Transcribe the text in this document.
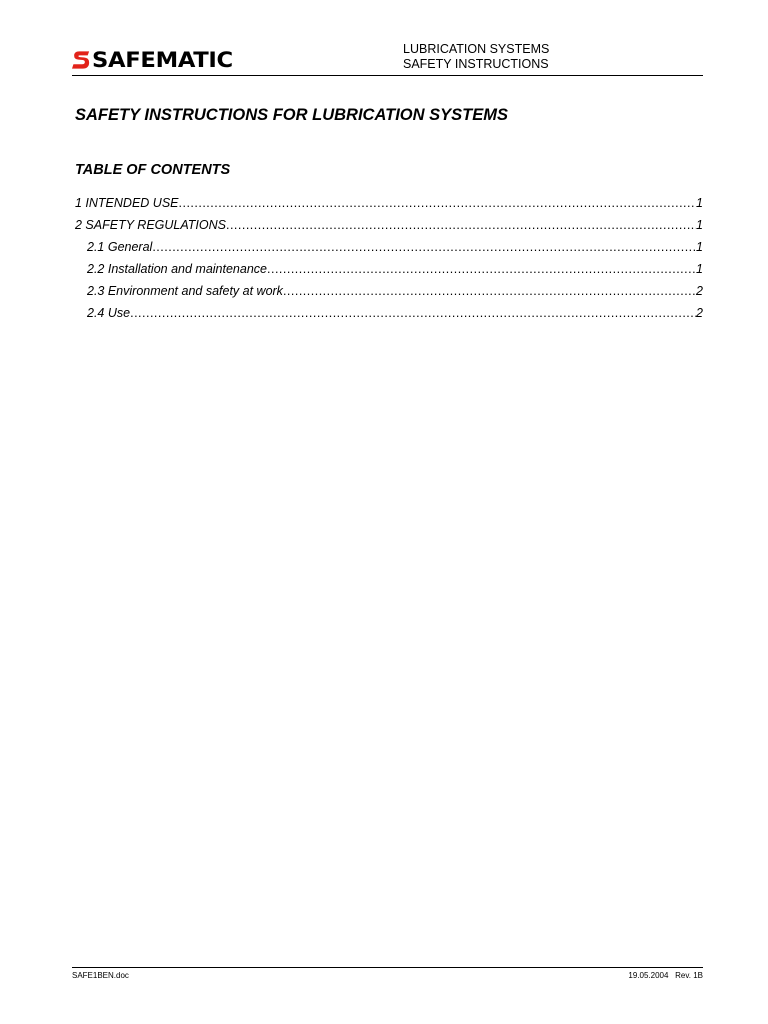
SAFEMATIC	LUBRICATION SYSTEMS
SAFETY INSTRUCTIONS
SAFETY INSTRUCTIONS FOR LUBRICATION SYSTEMS
TABLE OF CONTENTS
1 INTENDED USE .....	1
2 SAFETY REGULATIONS .....	1
2.1 General .....	1
2.2 Installation and maintenance .....	1
2.3 Environment and safety at work .....	2
2.4 Use .....	2
SAFE1BEN.doc	19.05.2004 Rev. 1B
